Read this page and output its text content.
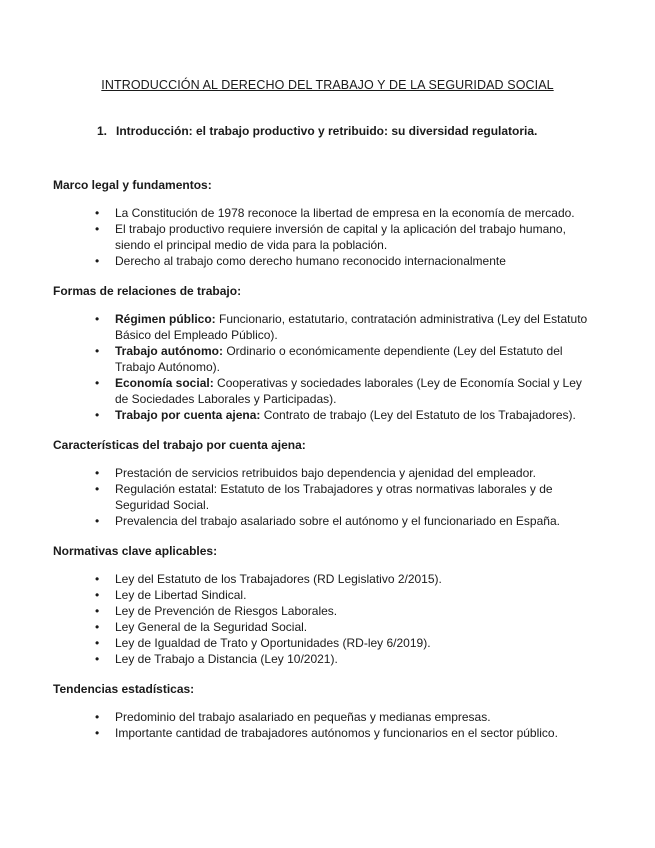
INTRODUCCIÓN AL DERECHO DEL TRABAJO Y DE LA SEGURIDAD SOCIAL
1. Introducción: el trabajo productivo y retribuido: su diversidad regulatoria.
Marco legal y fundamentos:
• La Constitución de 1978 reconoce la libertad de empresa en la economía de mercado.
• El trabajo productivo requiere inversión de capital y la aplicación del trabajo humano, siendo el principal medio de vida para la población.
• Derecho al trabajo como derecho humano reconocido internacionalmente
Formas de relaciones de trabajo:
• Régimen público: Funcionario, estatutario, contratación administrativa (Ley del Estatuto Básico del Empleado Público).
• Trabajo autónomo: Ordinario o económicamente dependiente (Ley del Estatuto del Trabajo Autónomo).
• Economía social: Cooperativas y sociedades laborales (Ley de Economía Social y Ley de Sociedades Laborales y Participadas).
• Trabajo por cuenta ajena: Contrato de trabajo (Ley del Estatuto de los Trabajadores).
Características del trabajo por cuenta ajena:
• Prestación de servicios retribuidos bajo dependencia y ajenidad del empleador.
• Regulación estatal: Estatuto de los Trabajadores y otras normativas laborales y de Seguridad Social.
• Prevalencia del trabajo asalariado sobre el autónomo y el funcionariado en España.
Normativas clave aplicables:
• Ley del Estatuto de los Trabajadores (RD Legislativo 2/2015).
• Ley de Libertad Sindical.
• Ley de Prevención de Riesgos Laborales.
• Ley General de la Seguridad Social.
• Ley de Igualdad de Trato y Oportunidades (RD-ley 6/2019).
• Ley de Trabajo a Distancia (Ley 10/2021).
Tendencias estadísticas:
• Predominio del trabajo asalariado en pequeñas y medianas empresas.
• Importante cantidad de trabajadores autónomos y funcionarios en el sector público.
